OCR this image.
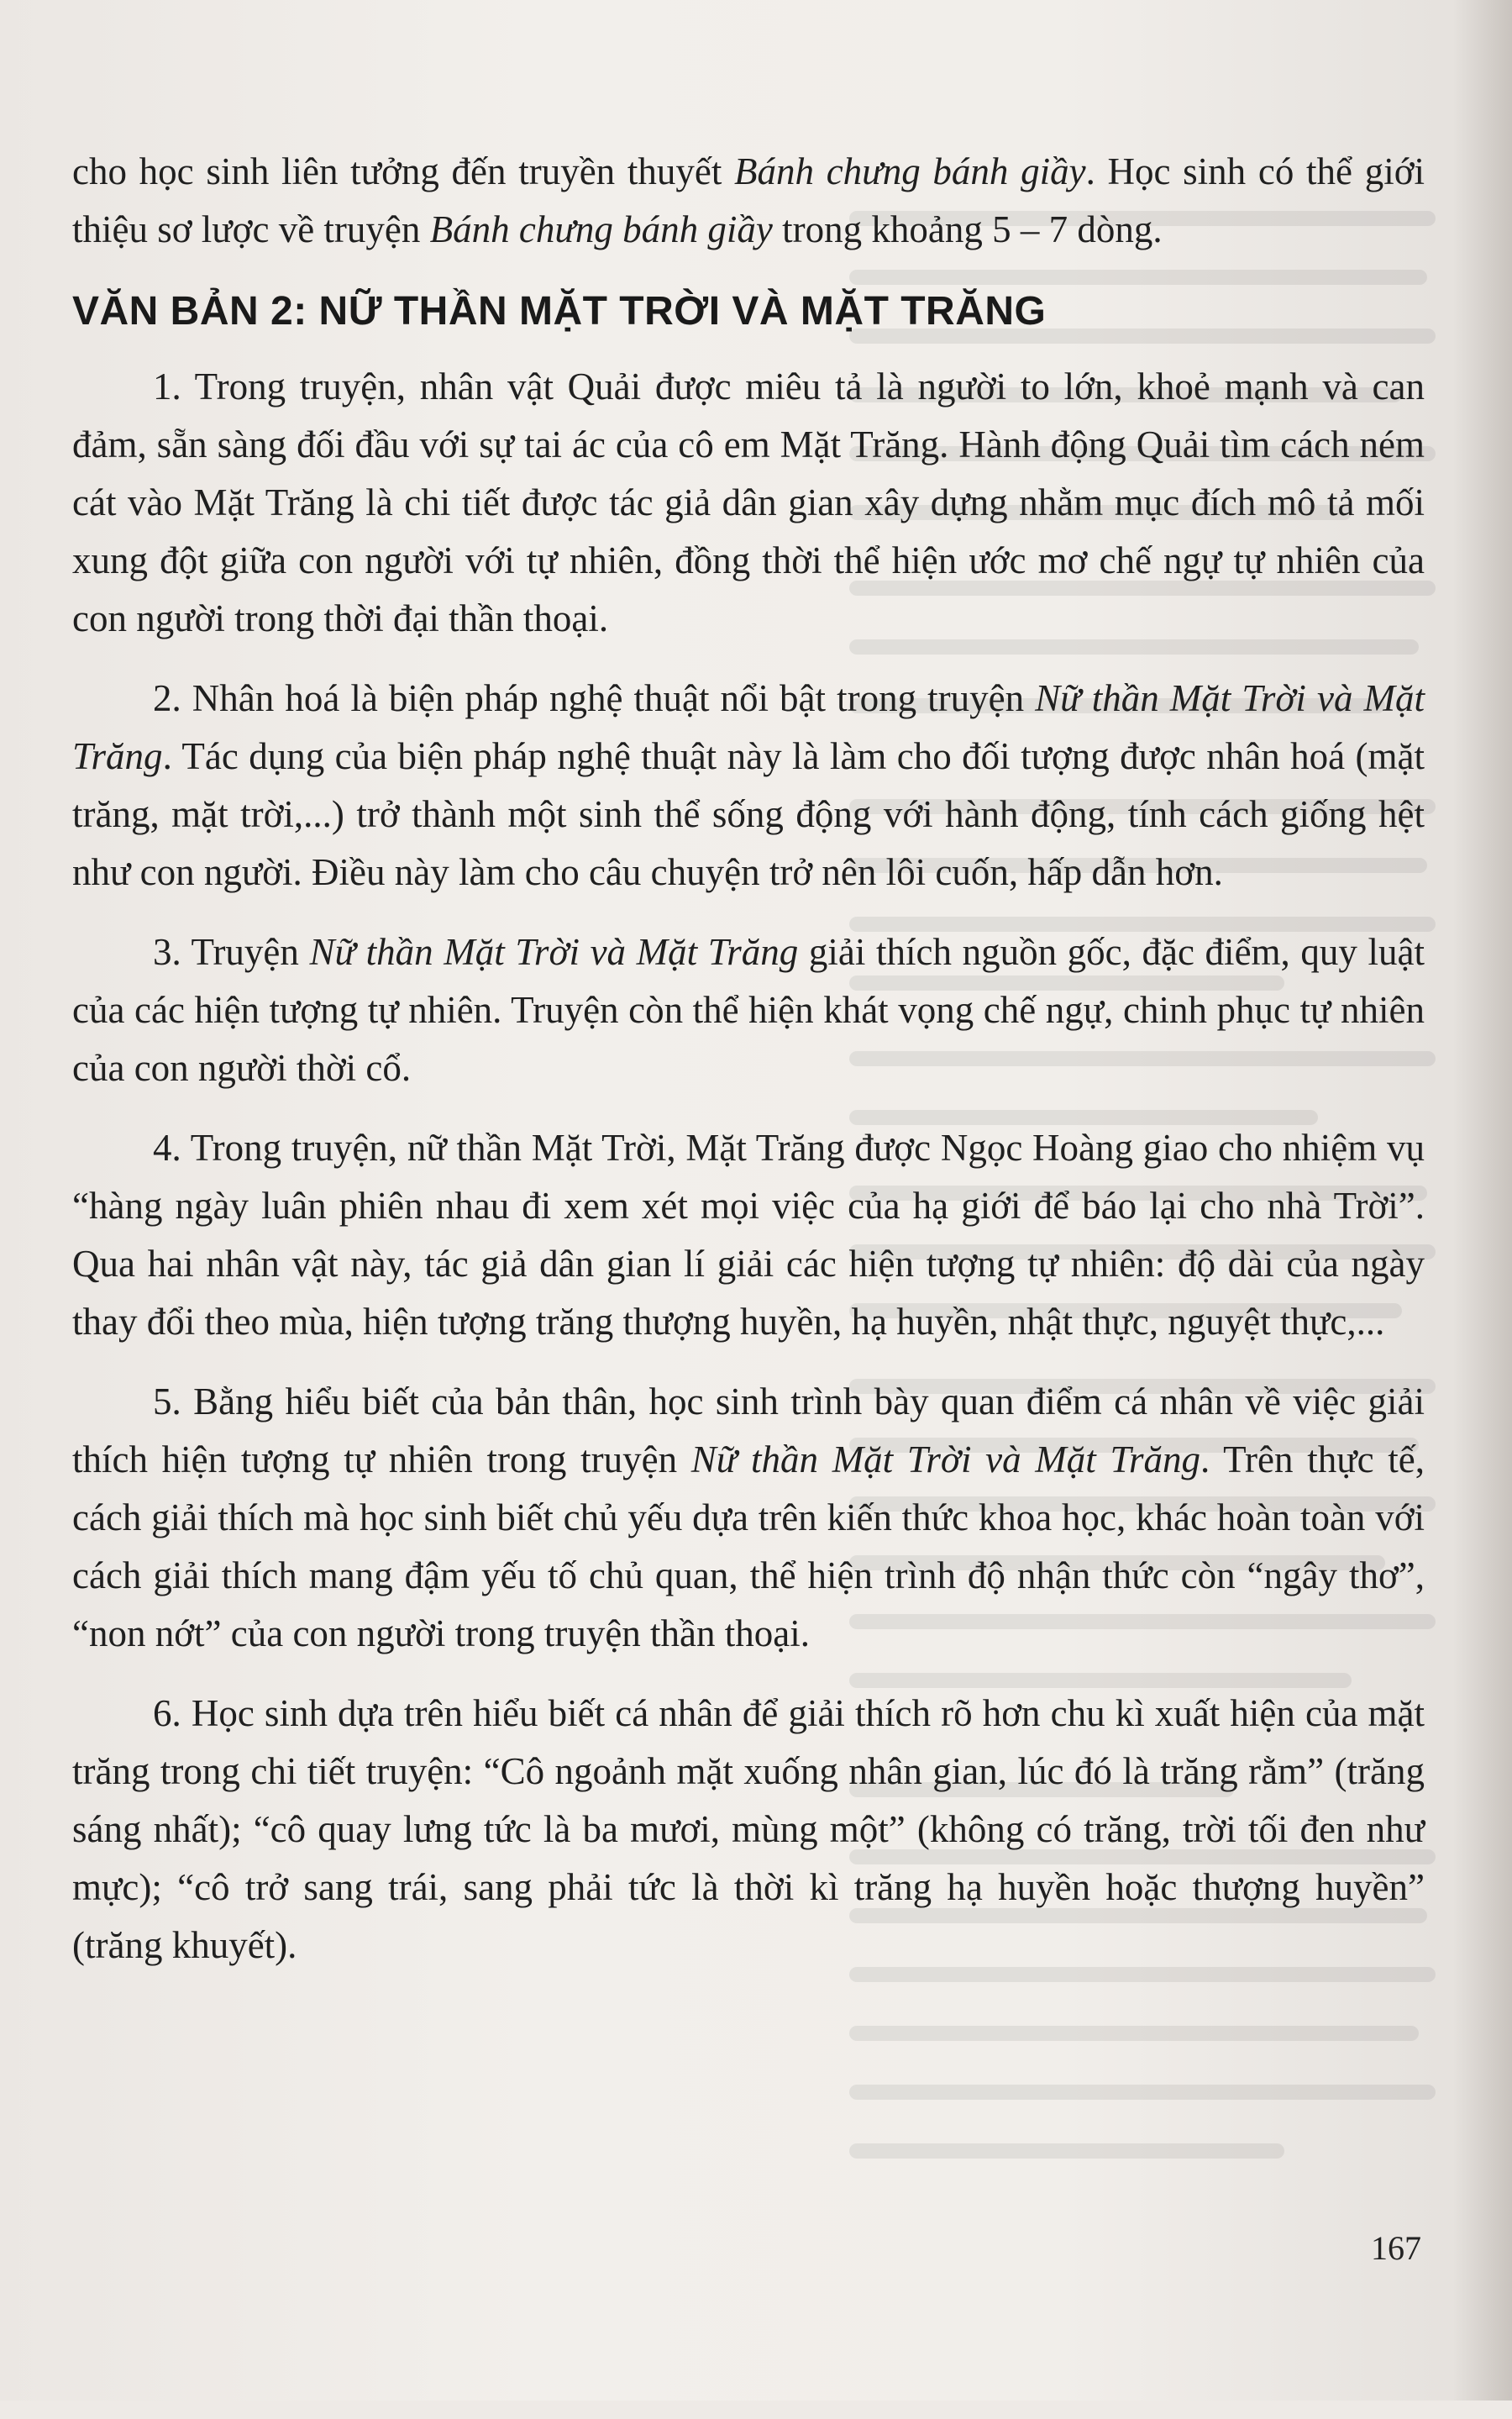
cho học sinh liên tưởng đến truyền thuyết Bánh chưng bánh giầy. Học sinh có thể giới thiệu sơ lược về truyện Bánh chưng bánh giầy trong khoảng 5 – 7 dòng.

VĂN BẢN 2: NỮ THẦN MẶT TRỜI VÀ MẶT TRĂNG

1. Trong truyện, nhân vật Quải được miêu tả là người to lớn, khoẻ mạnh và can đảm, sẵn sàng đối đầu với sự tai ác của cô em Mặt Trăng. Hành động Quải tìm cách ném cát vào Mặt Trăng là chi tiết được tác giả dân gian xây dựng nhằm mục đích mô tả mối xung đột giữa con người với tự nhiên, đồng thời thể hiện ước mơ chế ngự tự nhiên của con người trong thời đại thần thoại.

2. Nhân hoá là biện pháp nghệ thuật nổi bật trong truyện Nữ thần Mặt Trời và Mặt Trăng. Tác dụng của biện pháp nghệ thuật này là làm cho đối tượng được nhân hoá (mặt trăng, mặt trời,...) trở thành một sinh thể sống động với hành động, tính cách giống hệt như con người. Điều này làm cho câu chuyện trở nên lôi cuốn, hấp dẫn hơn.

3. Truyện Nữ thần Mặt Trời và Mặt Trăng giải thích nguồn gốc, đặc điểm, quy luật của các hiện tượng tự nhiên. Truyện còn thể hiện khát vọng chế ngự, chinh phục tự nhiên của con người thời cổ.

4. Trong truyện, nữ thần Mặt Trời, Mặt Trăng được Ngọc Hoàng giao cho nhiệm vụ “hàng ngày luân phiên nhau đi xem xét mọi việc của hạ giới để báo lại cho nhà Trời”. Qua hai nhân vật này, tác giả dân gian lí giải các hiện tượng tự nhiên: độ dài của ngày thay đổi theo mùa, hiện tượng trăng thượng huyền, hạ huyền, nhật thực, nguyệt thực,...

5. Bằng hiểu biết của bản thân, học sinh trình bày quan điểm cá nhân về việc giải thích hiện tượng tự nhiên trong truyện Nữ thần Mặt Trời và Mặt Trăng. Trên thực tế, cách giải thích mà học sinh biết chủ yếu dựa trên kiến thức khoa học, khác hoàn toàn với cách giải thích mang đậm yếu tố chủ quan, thể hiện trình độ nhận thức còn “ngây thơ”, “non nớt” của con người trong truyện thần thoại.

6. Học sinh dựa trên hiểu biết cá nhân để giải thích rõ hơn chu kì xuất hiện của mặt trăng trong chi tiết truyện: “Cô ngoảnh mặt xuống nhân gian, lúc đó là trăng rằm” (trăng sáng nhất); “cô quay lưng tức là ba mươi, mùng một” (không có trăng, trời tối đen như mực); “cô trở sang trái, sang phải tức là thời kì trăng hạ huyền hoặc thượng huyền” (trăng khuyết).

167
